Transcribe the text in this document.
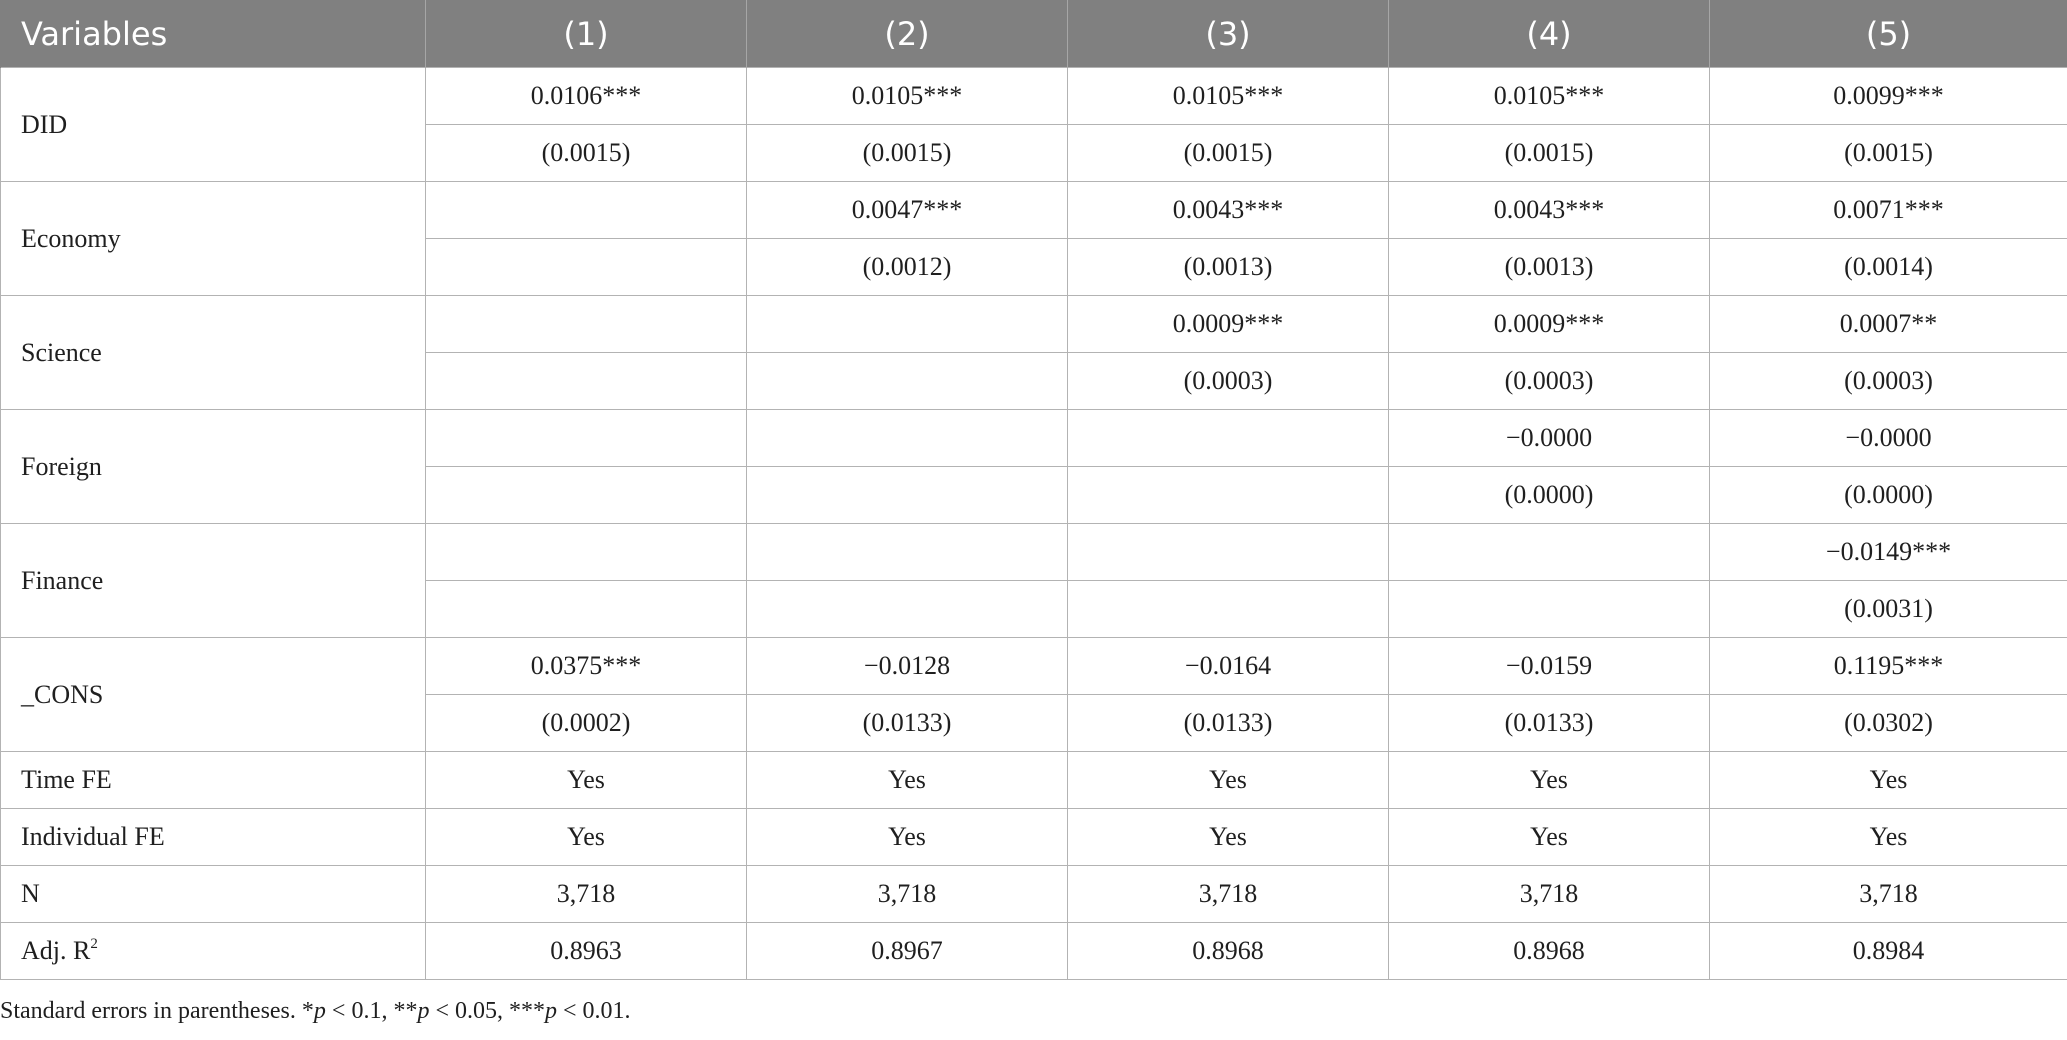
Variables	(1)	(2)	(3)	(4)	(5)
DID	0.0106***	0.0105***	0.0105***	0.0105***	0.0099***
	(0.0015)	(0.0015)	(0.0015)	(0.0015)	(0.0015)
Economy		0.0047***	0.0043***	0.0043***	0.0071***
		(0.0012)	(0.0013)	(0.0013)	(0.0014)
Science			0.0009***	0.0009***	0.0007**
			(0.0003)	(0.0003)	(0.0003)
Foreign				−0.0000	−0.0000
				(0.0000)	(0.0000)
Finance					−0.0149***
					(0.0031)
_CONS	0.0375***	−0.0128	−0.0164	−0.0159	0.1195***
	(0.0002)	(0.0133)	(0.0133)	(0.0133)	(0.0302)
Time FE	Yes	Yes	Yes	Yes	Yes
Individual FE	Yes	Yes	Yes	Yes	Yes
N	3,718	3,718	3,718	3,718	3,718
Adj. $R^2$	0.8963	0.8967	0.8968	0.8968	0.8984
Standard errors in parentheses. *p < 0.1, **p < 0.05, ***p < 0.01.
